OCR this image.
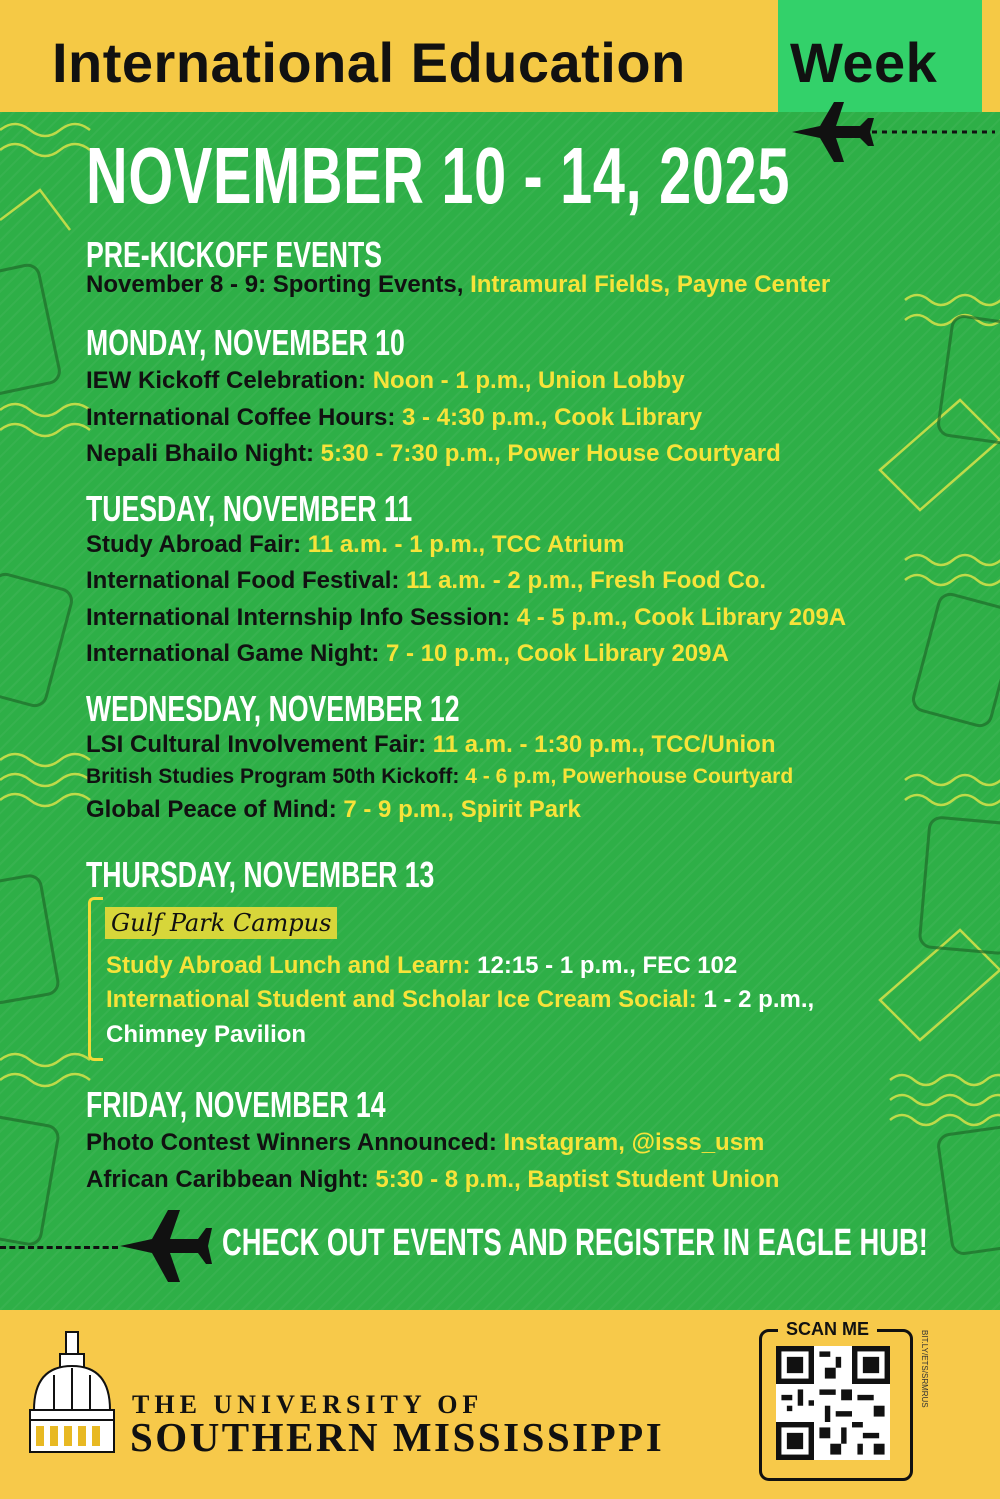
International Education Week
NOVEMBER 10 - 14, 2025
PRE-KICKOFF EVENTS
November 8 - 9: Sporting Events, Intramural Fields, Payne Center
MONDAY, NOVEMBER 10
IEW Kickoff Celebration: Noon - 1 p.m., Union Lobby
International Coffee Hours: 3 - 4:30 p.m., Cook Library
Nepali Bhailo Night: 5:30 - 7:30 p.m., Power House Courtyard
TUESDAY, NOVEMBER 11
Study Abroad Fair: 11 a.m. - 1 p.m., TCC Atrium
International Food Festival: 11 a.m. - 2 p.m., Fresh Food Co.
International Internship Info Session: 4 - 5 p.m., Cook Library 209A
International Game Night: 7 - 10 p.m., Cook Library 209A
WEDNESDAY, NOVEMBER 12
LSI Cultural Involvement Fair: 11 a.m. - 1:30 p.m., TCC/Union
British Studies Program 50th Kickoff: 4 - 6 p.m, Powerhouse Courtyard
Global Peace of Mind: 7 - 9 p.m., Spirit Park
THURSDAY, NOVEMBER 13
Gulf Park Campus
Study Abroad Lunch and Learn: 12:15 - 1 p.m., FEC 102
International Student and Scholar Ice Cream Social: 1 - 2 p.m.,
Chimney Pavilion
FRIDAY, NOVEMBER 14
Photo Contest Winners Announced: Instagram, @isss_usm
African Caribbean Night: 5:30 - 8 p.m., Baptist Student Union
CHECK OUT EVENTS AND REGISTER IN EAGLE HUB!
THE UNIVERSITY OF
SOUTHERN MISSISSIPPI
SCAN ME
BIT.LY/ETS/SRMRUS
